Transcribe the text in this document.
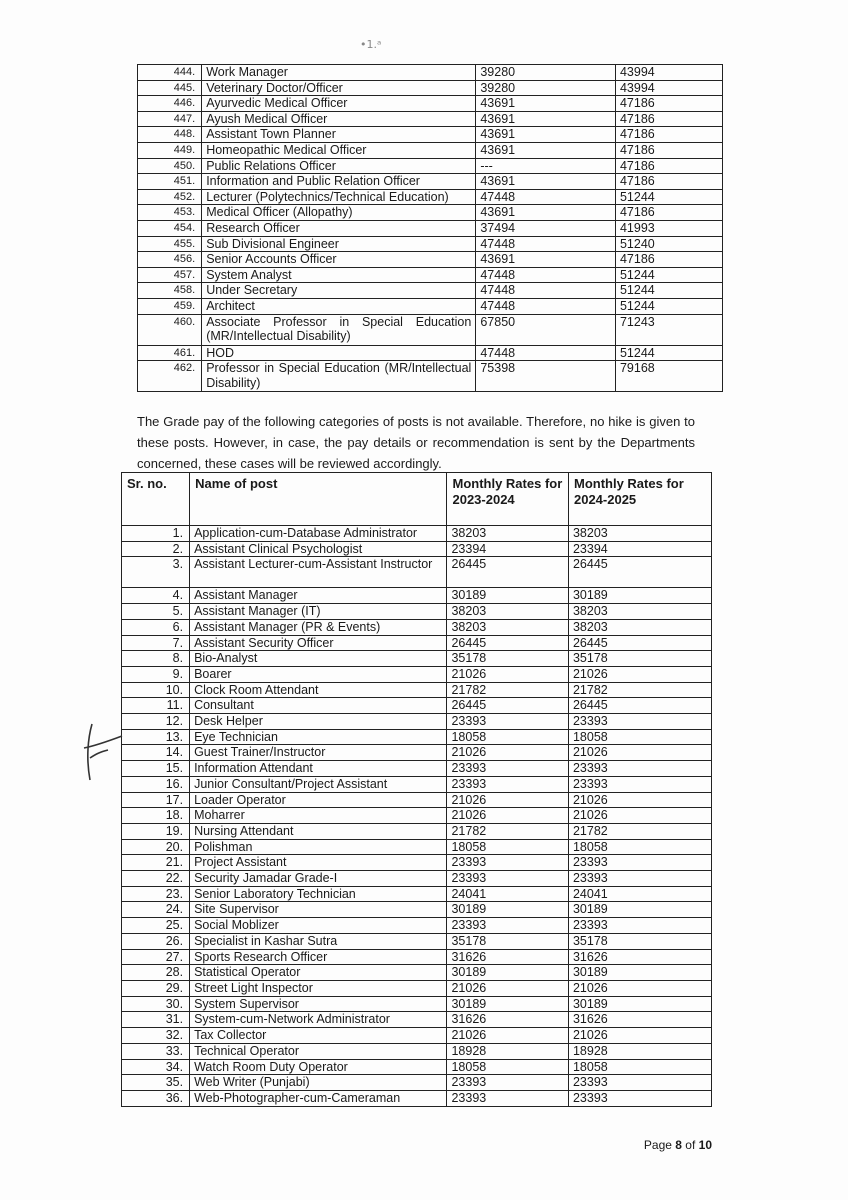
•1.ᵃ
444.	Work Manager	39280	43994
445.	Veterinary Doctor/Officer	39280	43994
446.	Ayurvedic Medical Officer	43691	47186
447.	Ayush Medical Officer	43691	47186
448.	Assistant Town Planner	43691	47186
449.	Homeopathic Medical Officer	43691	47186
450.	Public Relations Officer	---	47186
451.	Information and Public Relation Officer	43691	47186
452.	Lecturer (Polytechnics/Technical Education)	47448	51244
453.	Medical Officer (Allopathy)	43691	47186
454.	Research Officer	37494	41993
455.	Sub Divisional Engineer	47448	51240
456.	Senior Accounts Officer	43691	47186
457.	System Analyst	47448	51244
458.	Under Secretary	47448	51244
459.	Architect	47448	51244
460.	Associate Professor in Special Education (MR/Intellectual Disability)	67850	71243
461.	HOD	47448	51244
462.	Professor in Special Education (MR/Intellectual Disability)	75398	79168
The Grade pay of the following categories of posts is not available. Therefore, no hike is given to these posts. However, in case, the pay details or recommendation is sent by the Departments concerned, these cases will be reviewed accordingly.
Sr. no.	Name of post	Monthly Rates for 2023-2024	Monthly Rates for 2024-2025
1.	Application-cum-Database Administrator	38203	38203
2.	Assistant Clinical Psychologist	23394	23394
3.	Assistant Lecturer-cum-Assistant Instructor	26445	26445
4.	Assistant Manager	30189	30189
5.	Assistant Manager (IT)	38203	38203
6.	Assistant Manager (PR & Events)	38203	38203
7.	Assistant Security Officer	26445	26445
8.	Bio-Analyst	35178	35178
9.	Boarer	21026	21026
10.	Clock Room Attendant	21782	21782
11.	Consultant	26445	26445
12.	Desk Helper	23393	23393
13.	Eye Technician	18058	18058
14.	Guest Trainer/Instructor	21026	21026
15.	Information Attendant	23393	23393
16.	Junior Consultant/Project Assistant	23393	23393
17.	Loader Operator	21026	21026
18.	Moharrer	21026	21026
19.	Nursing Attendant	21782	21782
20.	Polishman	18058	18058
21.	Project Assistant	23393	23393
22.	Security Jamadar Grade-I	23393	23393
23.	Senior Laboratory Technician	24041	24041
24.	Site Supervisor	30189	30189
25.	Social Moblizer	23393	23393
26.	Specialist in Kashar Sutra	35178	35178
27.	Sports Research Officer	31626	31626
28.	Statistical Operator	30189	30189
29.	Street Light Inspector	21026	21026
30.	System Supervisor	30189	30189
31.	System-cum-Network Administrator	31626	31626
32.	Tax Collector	21026	21026
33.	Technical Operator	18928	18928
34.	Watch Room Duty Operator	18058	18058
35.	Web Writer (Punjabi)	23393	23393
36.	Web-Photographer-cum-Cameraman	23393	23393
Page 8 of 10
